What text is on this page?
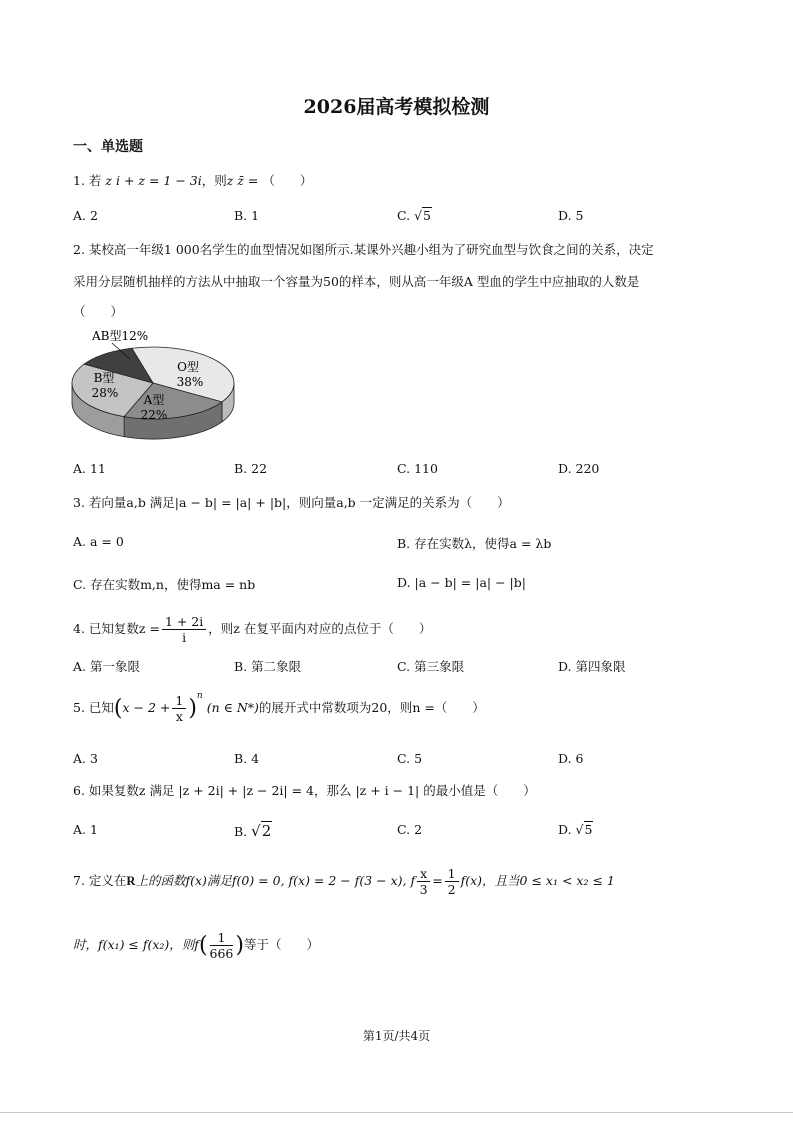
2026届高考模拟检测
一、单选题
1. 若 z i + z = 1 − 3i，则z z̄ = （　　）
A. 2	B. 1	C. √5	D. 5
2. 某校高一年级1 000名学生的血型情况如图所示.某课外兴趣小组为了研究血型与饮食之间的关系，决定
采用分层随机抽样的方法从中抽取一个容量为50的样本，则从高一年级A 型血的学生中应抽取的人数是
（　　）
O型
38%
A型
22%
B型
28%
AB型12%
A. 11	B. 22	C. 110	D. 220
3. 若向量a,b 满足|a − b| = |a| + |b|，则向量a,b 一定满足的关系为（　　）
A. a = 0	B. 存在实数λ，使得a = λb
C. 存在实数m,n，使得ma = nb	D. |a − b| = |a| − |b|
4. 已知复数$z = \frac{1 + 2i}{i}$ ，则z 在复平面内对应的点位于（　　）
A. 第一象限	B. 第二象限	C. 第三象限	D. 第四象限
5. 已知$(x - 2 + \frac{1}{x} )^n$ (n ∈ N*)的展开式中常数项为20，则n =（　　）
A. 3	B. 4	C. 5	D. 6
6. 如果复数z 满足 |z + 2i| + |z − 2i| = 4，那么 |z + i − 1| 的最小值是（　　）
A. 1	B. √2	C. 2	D. √5
7. 定义在R上的函数f(x)满足f(0) = 0, f(x) = 2 − f(3 − x), f $\frac{x}{3} = \frac{1}{2} f(x)$，且当0 ≤ x₁ < x₂ ≤ 1
时，f(x₁) ≤ f(x₂)，则$f( \frac{1}{666}$ )等于（　　）
第1页/共4页
